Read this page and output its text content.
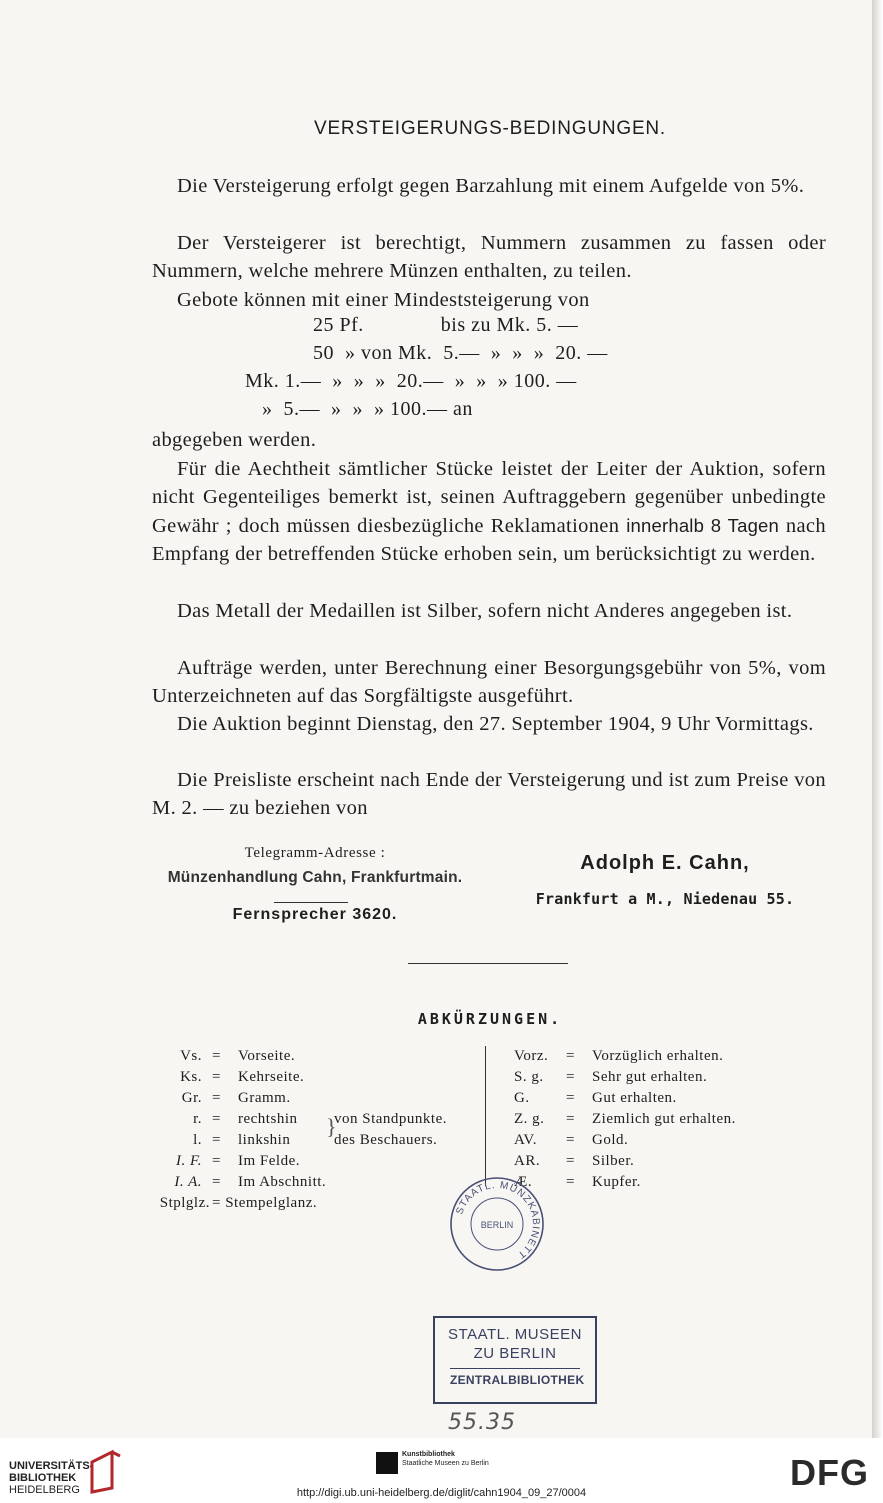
VERSTEIGERUNGS-BEDINGUNGEN.
Die Versteigerung erfolgt gegen Barzahlung mit einem Aufgelde von 5%.
Der Versteigerer ist berechtigt, Nummern zusammen zu fassen oder Nummern, welche mehrere Münzen enthalten, zu teilen.
Gebote können mit einer Mindeststeigerung von
25 Pf.              bis zu Mk. 5. —
50  » von Mk.  5.—  »  »  »  20. —
Mk. 1.—  »  »  »  20.—  »  »  » 100. —
»  5.—  »  »  » 100.— an
abgegeben werden.
Für die Aechtheit sämtlicher Stücke leistet der Leiter der Auktion, sofern nicht Gegenteiliges bemerkt ist, seinen Auftraggebern gegenüber unbedingte Gewähr ; doch müssen diesbezügliche Reklamationen innerhalb 8 Tagen nach Empfang der betreffenden Stücke erhoben sein, um berücksichtigt zu werden.
Das Metall der Medaillen ist Silber, sofern nicht Anderes angegeben ist.
Aufträge werden, unter Berechnung einer Besorgungsgebühr von 5%, vom Unterzeichneten auf das Sorgfältigste ausgeführt.
Die Auktion beginnt Dienstag, den 27. September 1904, 9 Uhr Vormittags.
Die Preisliste erscheint nach Ende der Versteigerung und ist zum Preise von M. 2. — zu beziehen von
Telegramm-Adresse :
Münzenhandlung Cahn, Frankfurtmain.
Fernsprecher 3620.
Adolph E. Cahn,
Frankfurt a M., Niedenau 55.
ABKÜRZUNGEN.
Vs. = Vorseite.
Ks. = Kehrseite.
Gr. = Gramm.
r. = rechtshin
l. = linkshin
I. F. = Im Felde.
I. A. = Im Abschnitt.
Stplglz. = Stempelglanz.
}
von Standpunkte.
des Beschauers.
Vorz. = Vorzüglich erhalten.
S. g. = Sehr gut erhalten.
G. = Gut erhalten.
Z. g. = Ziemlich gut erhalten.
AV. = Gold.
AR. = Silber.
Æ. = Kupfer.
STAATL. MÜNZKABINETT
BERLIN
STAATL. MUSEEN
ZU BERLIN
ZENTRALBIBLIOTHEK
55.35
UNIVERSITÄTS-
BIBLIOTHEK
HEIDELBERG
Kunstbibliothek
Staatliche Museen zu Berlin	DFG
http://digi.ub.uni-heidelberg.de/diglit/cahn1904_09_27/0004
